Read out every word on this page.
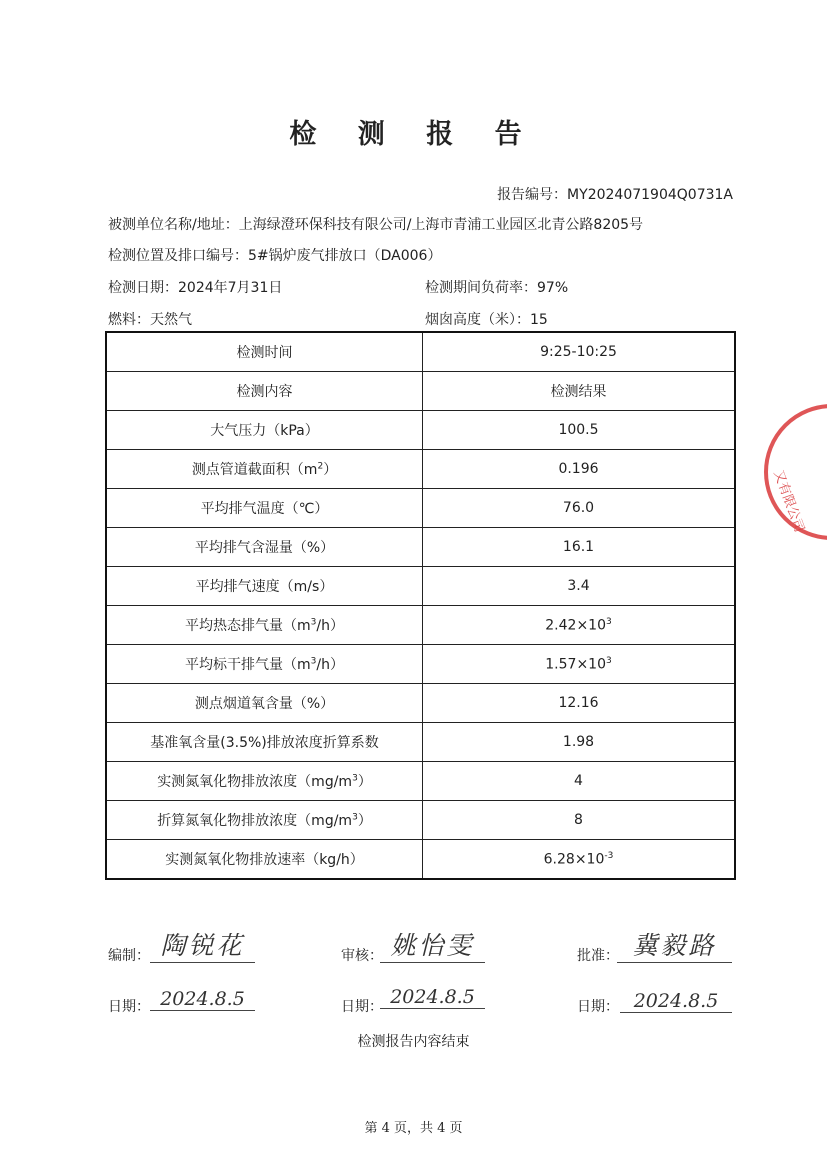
检 测 报 告
报告编号：MY2024071904Q0731A
被测单位名称/地址：上海绿澄环保科技有限公司/上海市青浦工业园区北青公路8205号
检测位置及排口编号：5#锅炉废气排放口（DA006）
检测日期：2024年7月31日	检测期间负荷率：97%
燃料：天然气	烟囱高度（米）：15
检测时间	9:25-10:25
检测内容	检测结果
大气压力（kPa）	100.5
测点管道截面积$(m^2)$	0.196
平均排气温度（℃）	76.0
平均排气含湿量（%）	16.1
平均排气速度（m/s）	3.4
平均热态排气量$(m^3/h)$	$2.42\times 10^3$
平均标干排气量$(m^3/h)$	$1.57\times 10^3$
测点烟道氧含量（%）	12.16
基准氧含量(3.5%)排放浓度折算系数	1.98
实测氮氧化物排放浓度$(mg/m^3)$	4
折算氮氧化物排放浓度$(mg/m^3)$	8
实测氮氧化物排放速率（kg/h）	$6.28\times 10^{-3}$
又有限公司
编制： 陶锐花	审核： 姚怡雯	批准： 冀毅路
日期： 2024.8.5	日期： 2024.8.5	日期： 2024.8.5
检测报告内容结束
第 4 页，共 4 页
